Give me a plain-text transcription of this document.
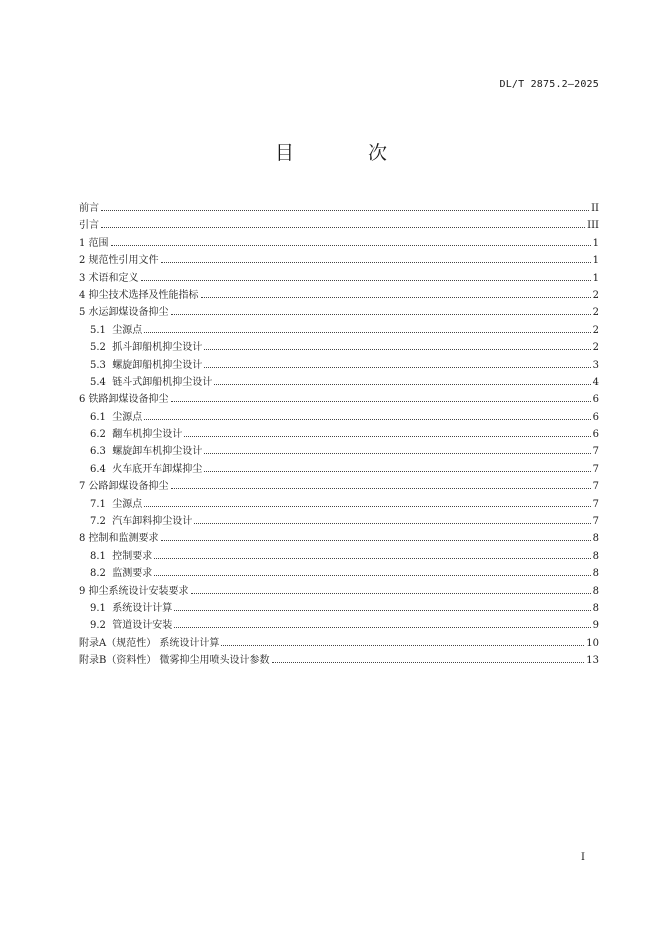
DL/T 2875.2—2025
目 次
前言	II
引言	III
1 范围	1
2 规范性引用文件	1
3 术语和定义	1
4 抑尘技术选择及性能指标	2
5 水运卸煤设备抑尘	2
5.1  尘源点	2
5.2  抓斗卸船机抑尘设计	2
5.3  螺旋卸船机抑尘设计	3
5.4  链斗式卸船机抑尘设计	4
6 铁路卸煤设备抑尘	6
6.1  尘源点	6
6.2  翻车机抑尘设计	6
6.3  螺旋卸车机抑尘设计	7
6.4  火车底开车卸煤抑尘	7
7 公路卸煤设备抑尘	7
7.1  尘源点	7
7.2  汽车卸料抑尘设计	7
8 控制和监测要求	8
8.1  控制要求	8
8.2  监测要求	8
9 抑尘系统设计安装要求	8
9.1  系统设计计算	8
9.2  管道设计安装	9
附录A（规范性） 系统设计计算	10
附录B（资料性） 微雾抑尘用喷头设计参数	13
I
